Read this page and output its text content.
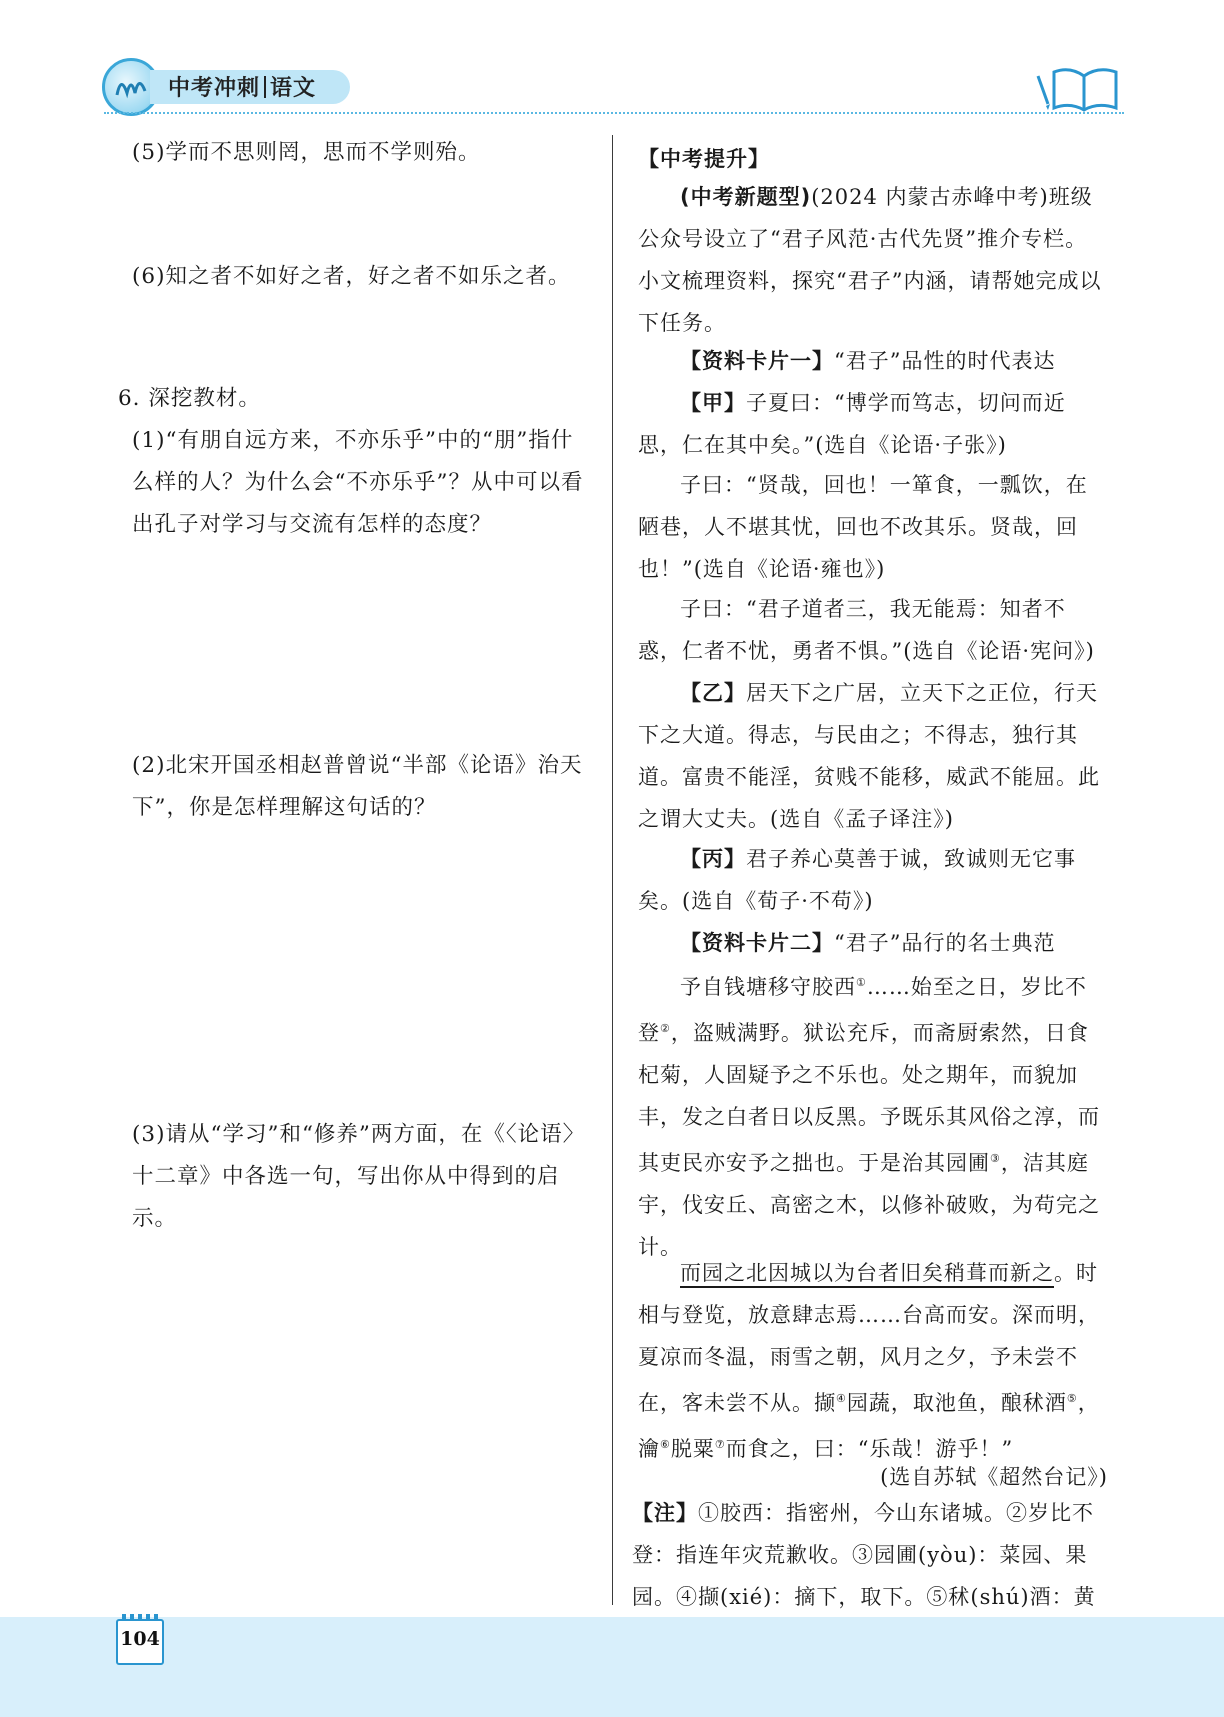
中考冲刺 语文
(5)学而不思则罔，思而不学则殆。
(6)知之者不如好之者，好之者不如乐之者。
6. 深挖教材。
(1)“有朋自远方来，不亦乐乎”中的“朋”指什么样的人？为什么会“不亦乐乎”？从中可以看出孔子对学习与交流有怎样的态度？
(2)北宋开国丞相赵普曾说“半部《论语》治天下”，你是怎样理解这句话的？
(3)请从“学习”和“修养”两方面，在《〈论语〉十二章》中各选一句，写出你从中得到的启示。
【中考提升】
(中考新题型)(2024 内蒙古赤峰中考)班级公众号设立了“君子风范·古代先贤”推介专栏。小文梳理资料，探究“君子”内涵，请帮她完成以下任务。
【资料卡片一】“君子”品性的时代表达
【甲】子夏曰：“博学而笃志，切问而近思，仁在其中矣。”(选自《论语·子张》)
子曰：“贤哉，回也！一箪食，一瓢饮，在陋巷，人不堪其忧，回也不改其乐。贤哉，回也！”(选自《论语·雍也》)
子曰：“君子道者三，我无能焉：知者不惑，仁者不忧，勇者不惧。”(选自《论语·宪问》)
【乙】居天下之广居，立天下之正位，行天下之大道。得志，与民由之；不得志，独行其道。富贵不能淫，贫贱不能移，威武不能屈。此之谓大丈夫。(选自《孟子译注》)
【丙】君子养心莫善于诚，致诚则无它事矣。(选自《荀子·不苟》)
【资料卡片二】“君子”品行的名士典范
予自钱塘移守胶西①……始至之日，岁比不登②，盗贼满野。狱讼充斥，而斋厨索然，日食杞菊，人固疑予之不乐也。处之期年，而貌加丰，发之白者日以反黑。予既乐其风俗之淳，而其吏民亦安予之拙也。于是治其园圃③，洁其庭宇，伐安丘、高密之木，以修补破败，为苟完之计。
而园之北因城以为台者旧矣稍葺而新之。时相与登览，放意肆志焉……台高而安。深而明，夏凉而冬温，雨雪之朝，风月之夕，予未尝不在，客未尝不从。撷④园蔬，取池鱼，酿秫酒⑤，瀹⑥脱粟⑦而食之，曰：“乐哉！游乎！”
(选自苏轼《超然台记》)
【注】①胶西：指密州，今山东诸城。②岁比不登：指连年灾荒歉收。③园圃(yòu)：菜园、果园。④撷(xié)：摘下，取下。⑤秫(shú)酒：黄
104
